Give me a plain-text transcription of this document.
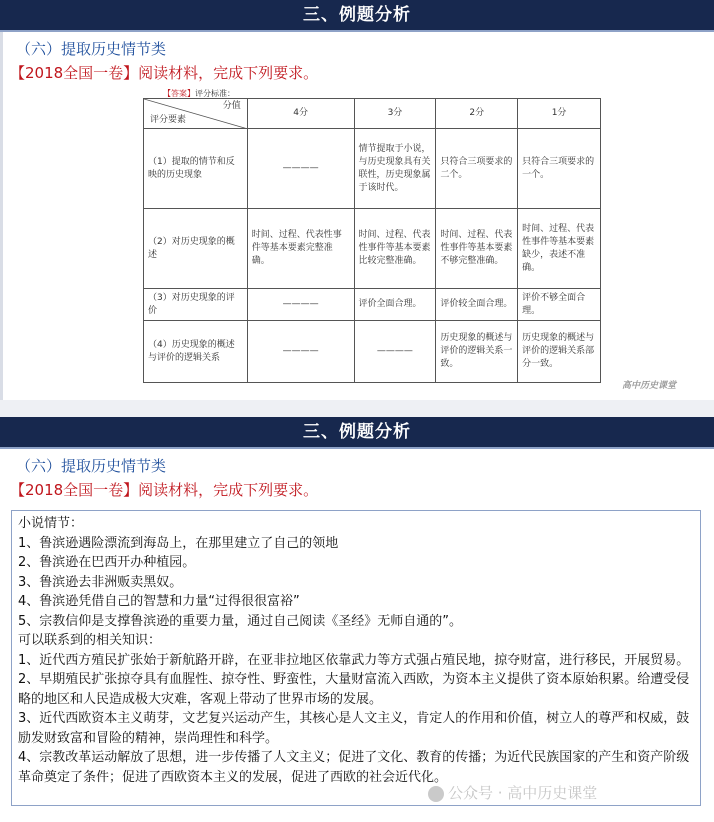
三、例题分析
（六）提取历史情节类
【2018全国一卷】阅读材料，完成下列要求。
【答案】评分标准：
分值
评分要素	4分	3分	2分	1分
（1）提取的情节和反映的历史现象	————	情节提取于小说，与历史现象具有关联性，历史现象属于该时代。	只符合三项要求的二个。	只符合三项要求的一个。
（2）对历史现象的概述	时间、过程、代表性事件等基本要素完整准确。	时间、过程、代表性事件等基本要素比较完整准确。	时间、过程、代表性事件等基本要素不够完整准确。	时间、过程、代表性事件等基本要素缺少，表述不准确。
（3）对历史现象的评价	————	评价全面合理。	评价较全面合理。	评价不够全面合理。
（4）历史现象的概述与评价的逻辑关系	————	————	历史现象的概述与评价的逻辑关系一致。	历史现象的概述与评价的逻辑关系部分一致。
高中历史课堂
三、例题分析
（六）提取历史情节类
【2018全国一卷】阅读材料，完成下列要求。
小说情节：
1、鲁滨逊遇险漂流到海岛上，在那里建立了自己的领地
2、鲁滨逊在巴西开办种植园。
3、鲁滨逊去非洲贩卖黑奴。
4、鲁滨逊凭借自己的智慧和力量“过得很很富裕”
5、宗教信仰是支撑鲁滨逊的重要力量，通过自己阅读《圣经》无师自通的”。
可以联系到的相关知识：
1、近代西方殖民扩张始于新航路开辟，在亚非拉地区依靠武力等方式强占殖民地，掠夺财富，进行移民，开展贸易。
2、早期殖民扩张掠夺具有血腥性、掠夺性、野蛮性，大量财富流入西欧，为资本主义提供了资本原始积累。给遭受侵略的地区和人民造成极大灾难，客观上带动了世界市场的发展。
3、近代西欧资本主义萌芽，文艺复兴运动产生，其核心是人文主义，肯定人的作用和价值，树立人的尊严和权威，鼓励发财致富和冒险的精神，崇尚理性和科学。
4、宗教改革运动解放了思想，进一步传播了人文主义；促进了文化、教育的传播；为近代民族国家的产生和资产阶级革命奠定了条件；促进了西欧资本主义的发展，促进了西欧的社会近代化。
公众号 · 高中历史课堂
